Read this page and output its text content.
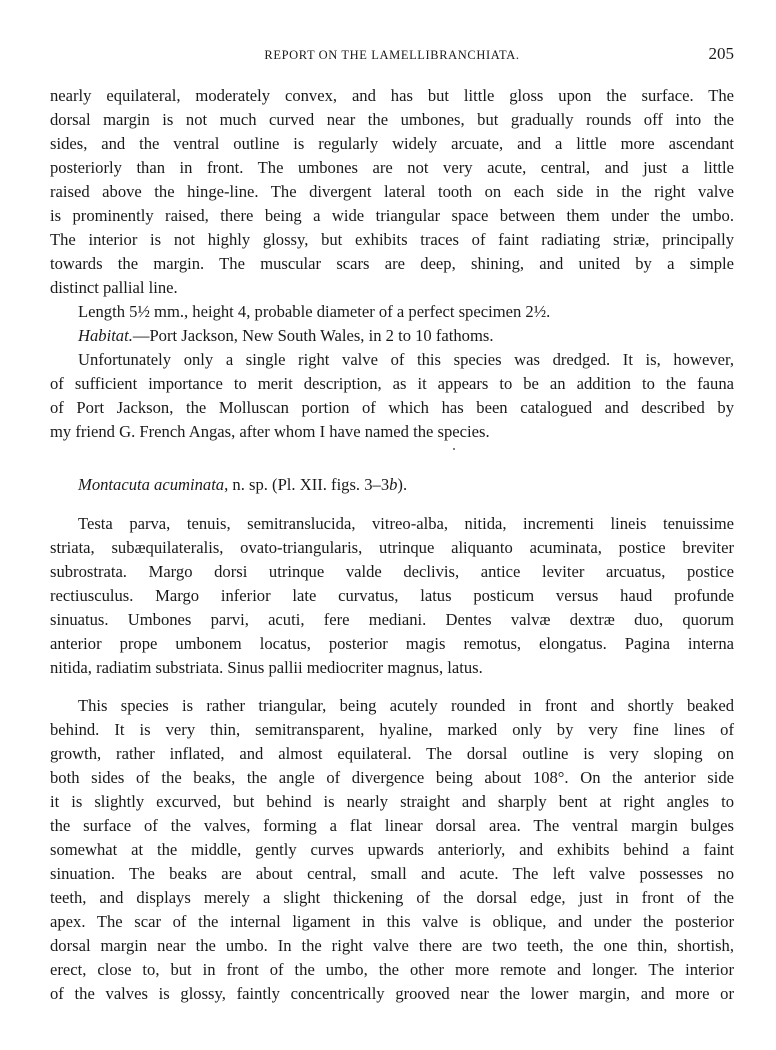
REPORT ON THE LAMELLIBRANCHIATA.	205
nearly equilateral, moderately convex, and has but little gloss upon the surface. The
dorsal margin is not much curved near the umbones, but gradually rounds off into the
sides, and the ventral outline is regularly widely arcuate, and a little more ascendant
posteriorly than in front. The umbones are not very acute, central, and just a little
raised above the hinge-line. The divergent lateral tooth on each side in the right valve
is prominently raised, there being a wide triangular space between them under the umbo.
The interior is not highly glossy, but exhibits traces of faint radiating striæ, principally
towards the margin. The muscular scars are deep, shining, and united by a simple
distinct pallial line.
Length 5½ mm., height 4, probable diameter of a perfect specimen 2½.
Habitat.—Port Jackson, New South Wales, in 2 to 10 fathoms.
Unfortunately only a single right valve of this species was dredged. It is, however,
of sufficient importance to merit description, as it appears to be an addition to the fauna
of Port Jackson, the Molluscan portion of which has been catalogued and described by
my friend G. French Angas, after whom I have named the species.
Montacuta acuminata, n. sp. (Pl. XII. figs. 3–3b).
Testa parva, tenuis, semitranslucida, vitreo-alba, nitida, incrementi lineis tenuissime
striata, subæquilateralis, ovato-triangularis, utrinque aliquanto acuminata, postice breviter
subrostrata. Margo dorsi utrinque valde declivis, antice leviter arcuatus, postice
rectiusculus. Margo inferior late curvatus, latus posticum versus haud profunde
sinuatus. Umbones parvi, acuti, fere mediani. Dentes valvæ dextræ duo, quorum
anterior prope umbonem locatus, posterior magis remotus, elongatus. Pagina interna
nitida, radiatim substriata. Sinus pallii mediocriter magnus, latus.
This species is rather triangular, being acutely rounded in front and shortly beaked
behind. It is very thin, semitransparent, hyaline, marked only by very fine lines of
growth, rather inflated, and almost equilateral. The dorsal outline is very sloping on
both sides of the beaks, the angle of divergence being about 108°. On the anterior side
it is slightly excurved, but behind is nearly straight and sharply bent at right angles to
the surface of the valves, forming a flat linear dorsal area. The ventral margin bulges
somewhat at the middle, gently curves upwards anteriorly, and exhibits behind a faint
sinuation. The beaks are about central, small and acute. The left valve possesses no
teeth, and displays merely a slight thickening of the dorsal edge, just in front of the
apex. The scar of the internal ligament in this valve is oblique, and under the posterior
dorsal margin near the umbo. In the right valve there are two teeth, the one thin, shortish,
erect, close to, but in front of the umbo, the other more remote and longer. The interior
of the valves is glossy, faintly concentrically grooved near the lower margin, and more or
